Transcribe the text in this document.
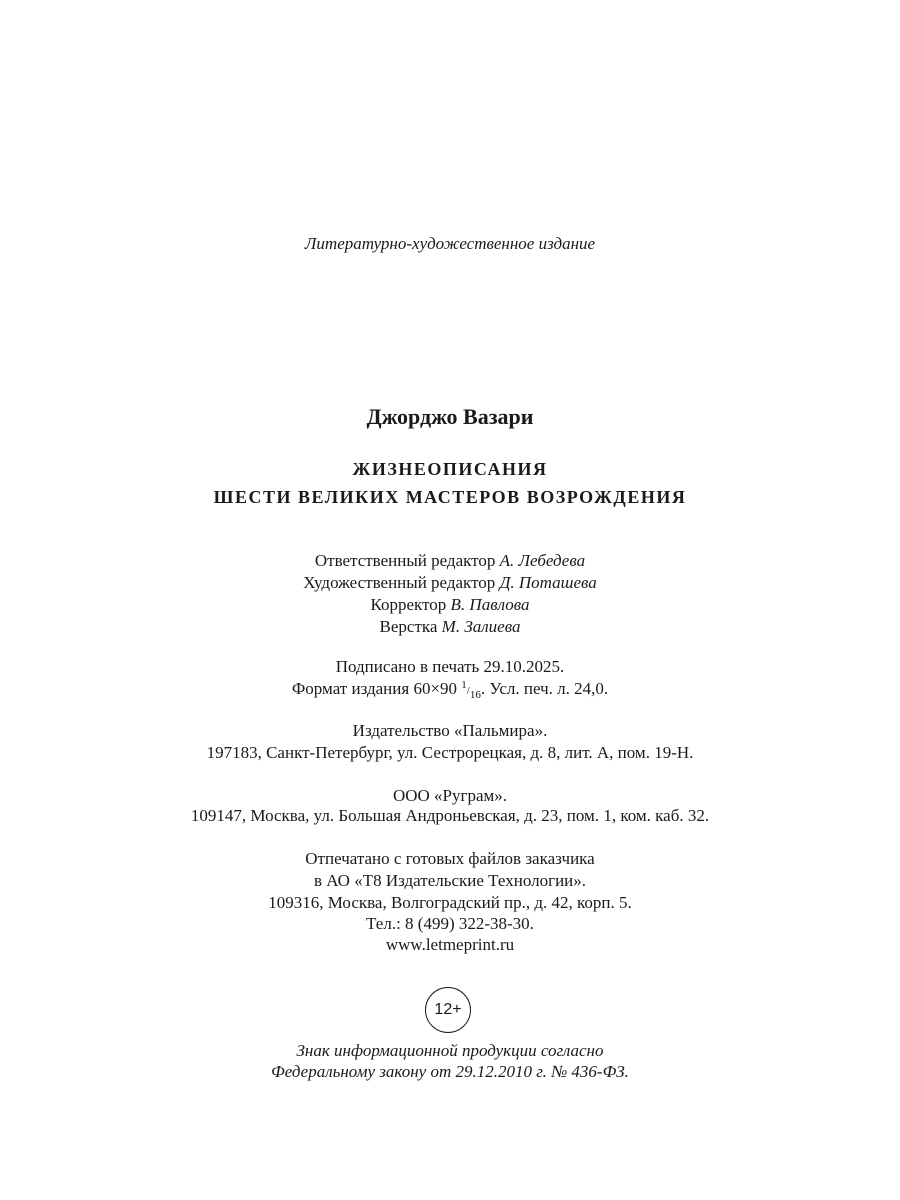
Литературно-художественное издание
Джорджо Вазари
ЖИЗНЕОПИСАНИЯ
ШЕСТИ ВЕЛИКИХ МАСТЕРОВ ВОЗРОЖДЕНИЯ
Ответственный редактор А. Лебедева
Художественный редактор Д. Поташева
Корректор В. Павлова
Верстка М. Залиева
Подписано в печать 29.10.2025.
Формат издания 60×90 1/16. Усл. печ. л. 24,0.
Издательство «Пальмира».
197183, Санкт-Петербург, ул. Сестрорецкая, д. 8, лит. А, пом. 19-Н.
ООО «Руграм».
109147, Москва, ул. Большая Андроньевская, д. 23, пом. 1, ком. каб. 32.
Отпечатано с готовых файлов заказчика
в АО «Т8 Издательские Технологии».
109316, Москва, Волгоградский пр., д. 42, корп. 5.
Тел.: 8 (499) 322-38-30.
www.letmeprint.ru
12+
Знак информационной продукции согласно
Федеральному закону от 29.12.2010 г. № 436-ФЗ.
